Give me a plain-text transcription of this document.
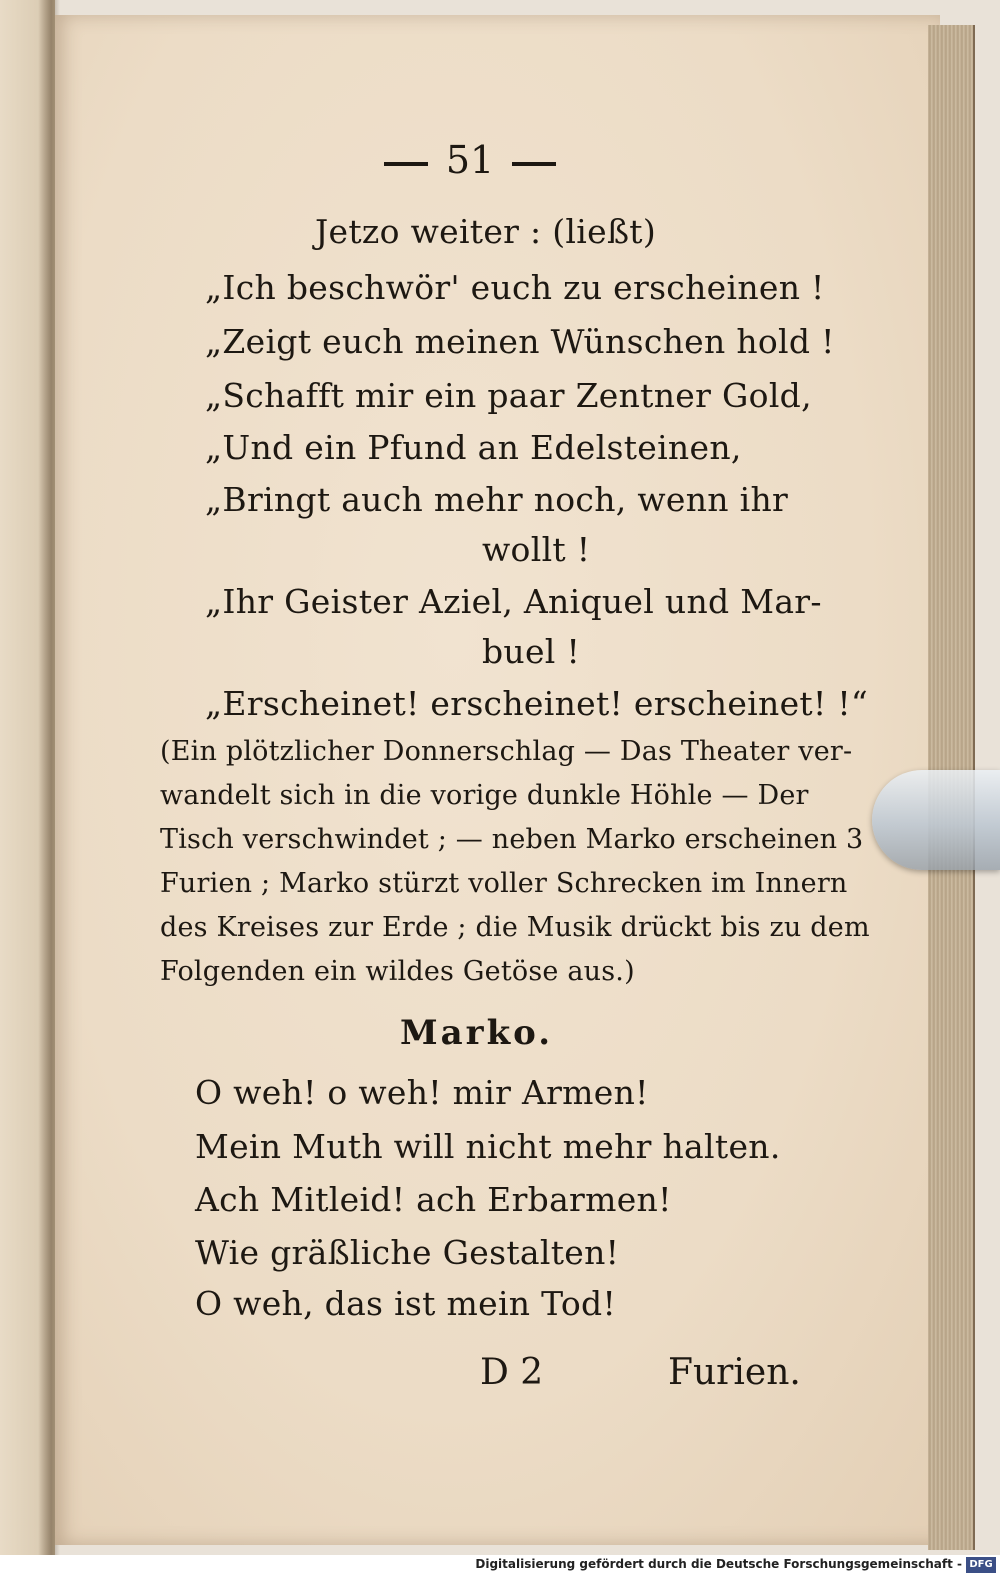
51
Jetzo weiter : (ließt)
„Ich beschwör' euch zu erscheinen !
„Zeigt euch meinen Wünschen hold !
„Schafft mir ein paar Zentner Gold,
„Und ein Pfund an Edelsteinen,
„Bringt auch mehr noch, wenn ihr
wollt !
„Ihr Geister Aziel, Aniquel und Mar-
buel !
„Erscheinet! erscheinet! erscheinet! !“
(Ein plötzlicher Donnerschlag — Das Theater ver-
wandelt sich in die vorige dunkle Höhle — Der
Tisch verschwindet ; — neben Marko erscheinen 3
Furien ; Marko stürzt voller Schrecken im Innern
des Kreises zur Erde ; die Musik drückt bis zu dem
Folgenden ein wildes Getöse aus.)
Marko.
O weh! o weh! mir Armen!
Mein Muth will nicht mehr halten.
Ach Mitleid! ach Erbarmen!
Wie gräßliche Gestalten!
O weh, das ist mein Tod!
D 2	Furien.
Digitalisierung gefördert durch die Deutsche Forschungsgemeinschaft - DFG
